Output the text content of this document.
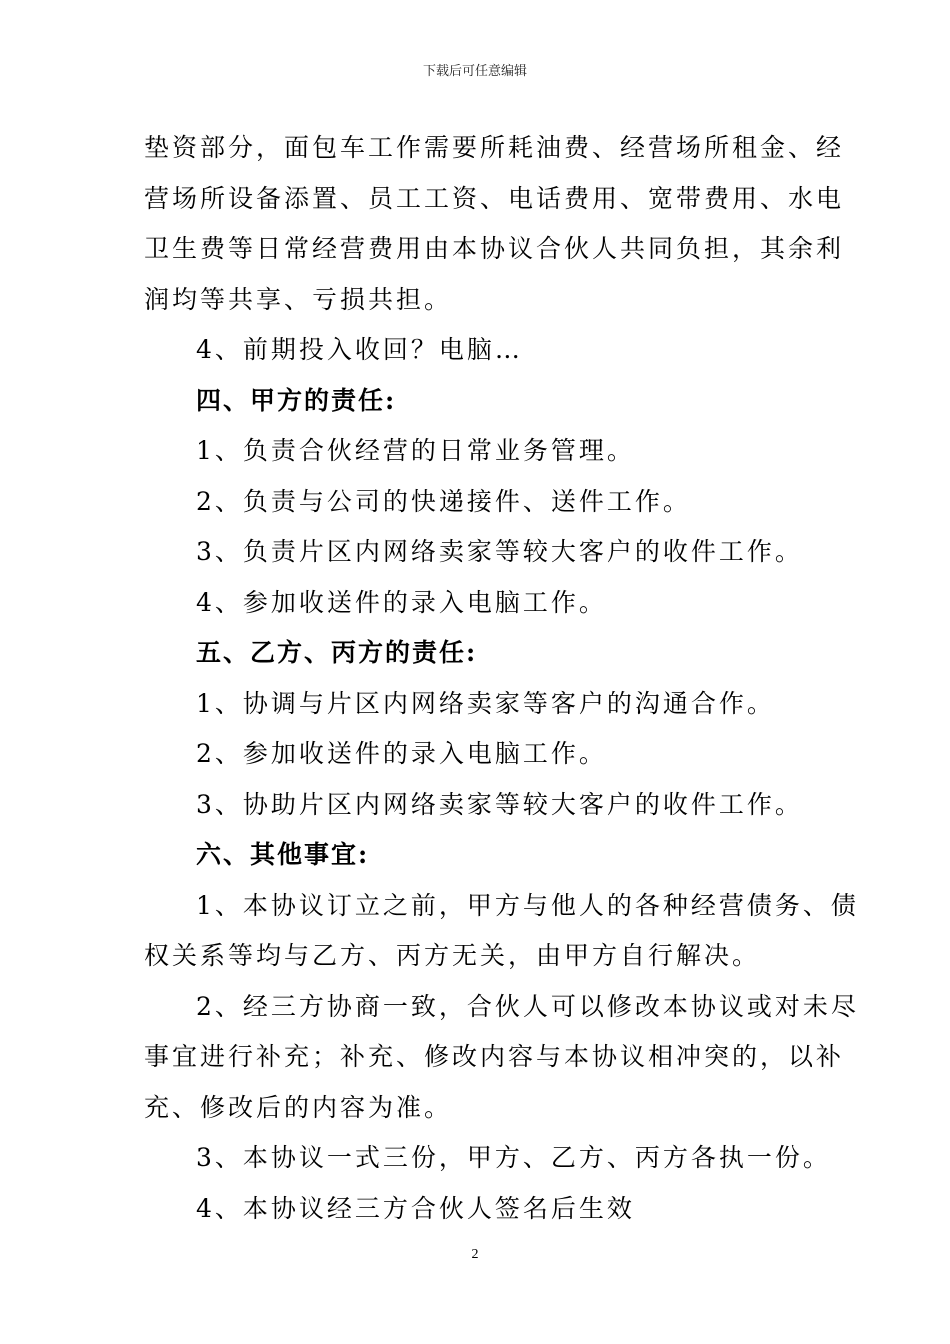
下载后可任意编辑

垫资部分，面包车工作需要所耗油费、经营场所租金、经

营场所设备添置、员工工资、电话费用、宽带费用、水电

卫生费等日常经营费用由本协议合伙人共同负担，其余利

润均等共享、亏损共担。

4、前期投入收回？电脑…

四、甲方的责任:

1、负责合伙经营的日常业务管理。

2、负责与公司的快递接件、送件工作。

3、负责片区内网络卖家等较大客户的收件工作。

4、参加收送件的录入电脑工作。

五、乙方、丙方的责任:

1、协调与片区内网络卖家等客户的沟通合作。

2、参加收送件的录入电脑工作。

3、协助片区内网络卖家等较大客户的收件工作。

六、其他事宜:

1、本协议订立之前，甲方与他人的各种经营债务、债

权关系等均与乙方、丙方无关，由甲方自行解决。

2、经三方协商一致，合伙人可以修改本协议或对未尽

事宜进行补充；补充、修改内容与本协议相冲突的，以补

充、修改后的内容为准。

3、本协议一式三份，甲方、乙方、丙方各执一份。

4、本协议经三方合伙人签名后生效

2
